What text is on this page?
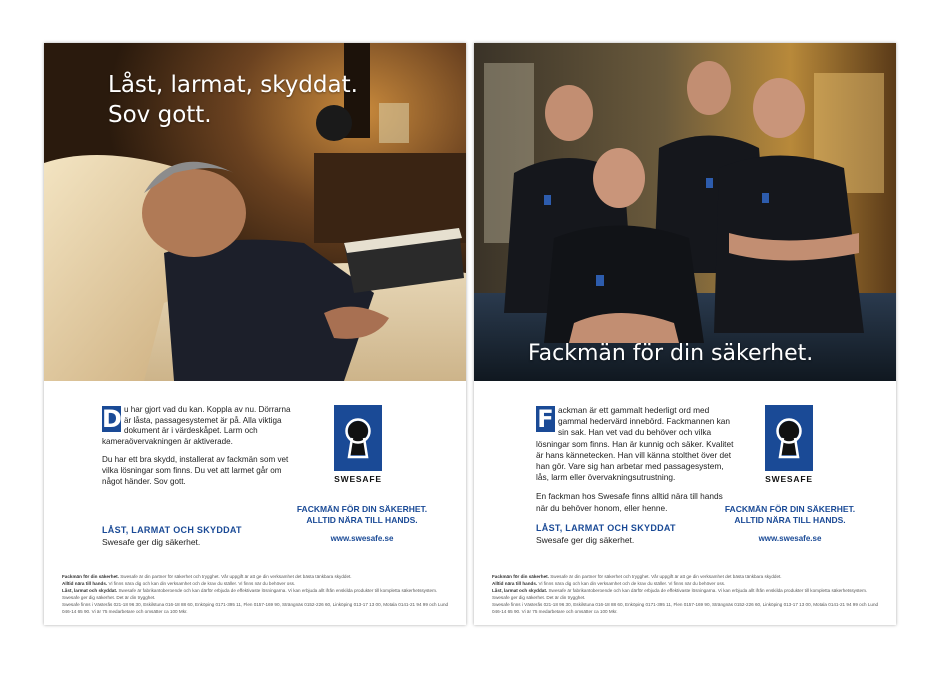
Låst, larmat, skyddat.
Sov gott.

D u har gjort vad du kan. Koppla av nu. Dörrarna är låsta, passagesystemet är på. Alla viktiga dokument är i värdeskåpet. Larm och kameraövervakningen är aktiverade.

Du har ett bra skydd, installerat av fackmän som vet vilka lösningar som finns. Du vet att larmet går om något händer. Sov gott.

LÅST, LARMAT OCH SKYDDAT
Swesafe ger dig säkerhet.
SWESAFE
FACKMÄN FÖR DIN SÄKERHET.
ALLTID NÄRA TILL HANDS.
www.swesafe.se
Fackmän för din säkerhet. Swesafe är din partner för säkerhet och trygghet. Vår uppgift är att ge din verksamhet det bästa tänkbara skyddet.
Alltid nära till hands. Vi finns nära dig och kan din verksamhet och de krav du ställer. Vi finns när du behöver oss.
Låst, larmat och skyddat. Swesafe är fabrikantoberoende och kan därför erbjuda de effektivaste lösningarna. Vi kan erbjuda allt ifrån enskilda produkter till kompletta säkerhetssystem. Swesafe ger dig säkerhet. Det är din trygghet.
Swesafe finns i Västerås 021-18 96 30, Eskilstuna 016-18 88 60, Enköping 0171-395 11, Flen 0157-169 90, Strängnäs 0152-226 60, Linköping 013-17 13 00, Motala 0141-21 94 99 och Lund 046-14 65 90. Vi är 75 medarbetare och omsätter ca 100 Mkr.
Fackmän för din säkerhet.

F ackman är ett gammalt hederligt ord med gammal hedervärd innebörd. Fackmannen kan sin sak. Han vet vad du behöver och vilka lösningar som finns. Han är kunnig och säker. Kvalitet är hans kännetecken. Han vill känna stolthet över det han gör. Vare sig han arbetar med passagesystem, lås, larm eller övervakningsutrustning.

En fackman hos Swesafe finns alltid nära till hands när du behöver honom, eller henne.

LÅST, LARMAT OCH SKYDDAT
Swesafe ger dig säkerhet.
SWESAFE
FACKMÄN FÖR DIN SÄKERHET.
ALLTID NÄRA TILL HANDS.
www.swesafe.se
Fackmän för din säkerhet. Swesafe är din partner för säkerhet och trygghet. Vår uppgift är att ge din verksamhet det bästa tänkbara skyddet.
Alltid nära till hands. Vi finns nära dig och kan din verksamhet och de krav du ställer. Vi finns när du behöver oss.
Låst, larmat och skyddat. Swesafe är fabrikantoberoende och kan därför erbjuda de effektivaste lösningarna. Vi kan erbjuda allt ifrån enskilda produkter till kompletta säkerhetssystem. Swesafe ger dig säkerhet. Det är din trygghet.
Swesafe finns i Västerås 021-18 96 30, Eskilstuna 016-18 88 60, Enköping 0171-395 11, Flen 0157-169 90, Strängnäs 0152-226 60, Linköping 013-17 13 00, Motala 0141-21 94 99 och Lund 046-14 65 90. Vi är 75 medarbetare och omsätter ca 100 Mkr.
